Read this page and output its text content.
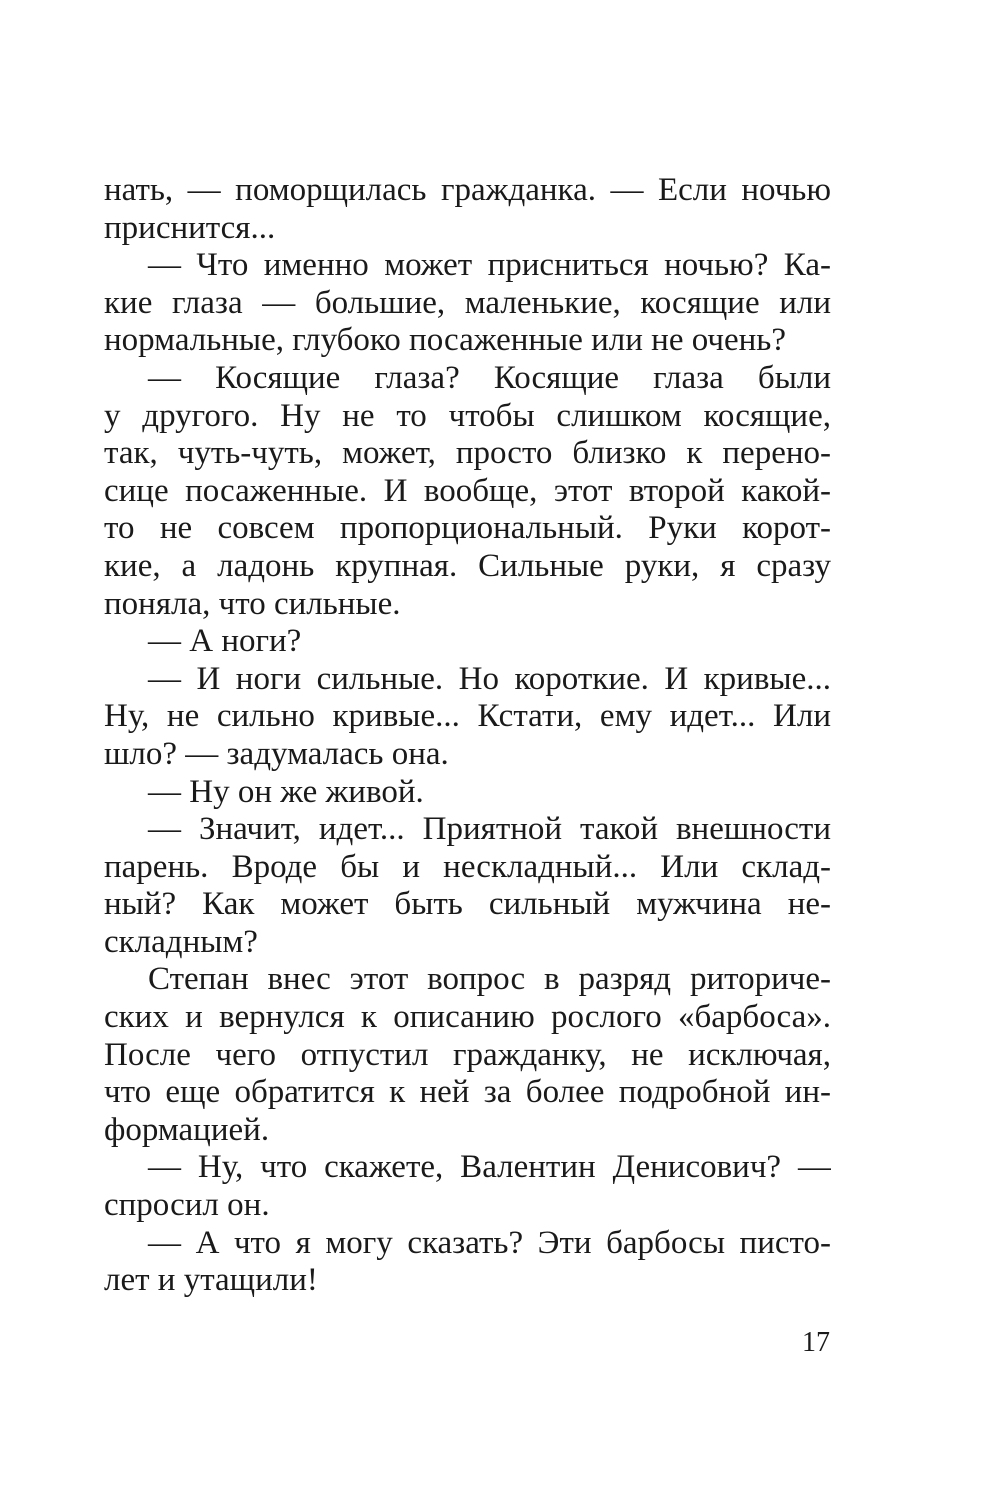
нать, — поморщилась гражданка. — Если ночью
приснится...
— Что именно может присниться ночью? Ка-
кие глаза — большие, маленькие, косящие или
нормальные, глубоко посаженные или не очень?
— Косящие глаза? Косящие глаза были
у другого. Ну не то чтобы слишком косящие,
так, чуть-чуть, может, просто близко к перено-
сице посаженные. И вообще, этот второй какой-
то не совсем пропорциональный. Руки корот-
кие, а ладонь крупная. Сильные руки, я сразу
поняла, что сильные.
— А ноги?
— И ноги сильные. Но короткие. И кривые...
Ну, не сильно кривые... Кстати, ему идет... Или
шло? — задумалась она.
— Ну он же живой.
— Значит, идет... Приятной такой внешности
парень. Вроде бы и нескладный... Или склад-
ный? Как может быть сильный мужчина не-
складным?
Степан внес этот вопрос в разряд риториче-
ских и вернулся к описанию рослого «барбоса».
После чего отпустил гражданку, не исключая,
что еще обратится к ней за более подробной ин-
формацией.
— Ну, что скажете, Валентин Денисович? —
спросил он.
— А что я могу сказать? Эти барбосы писто-
лет и утащили!
17
